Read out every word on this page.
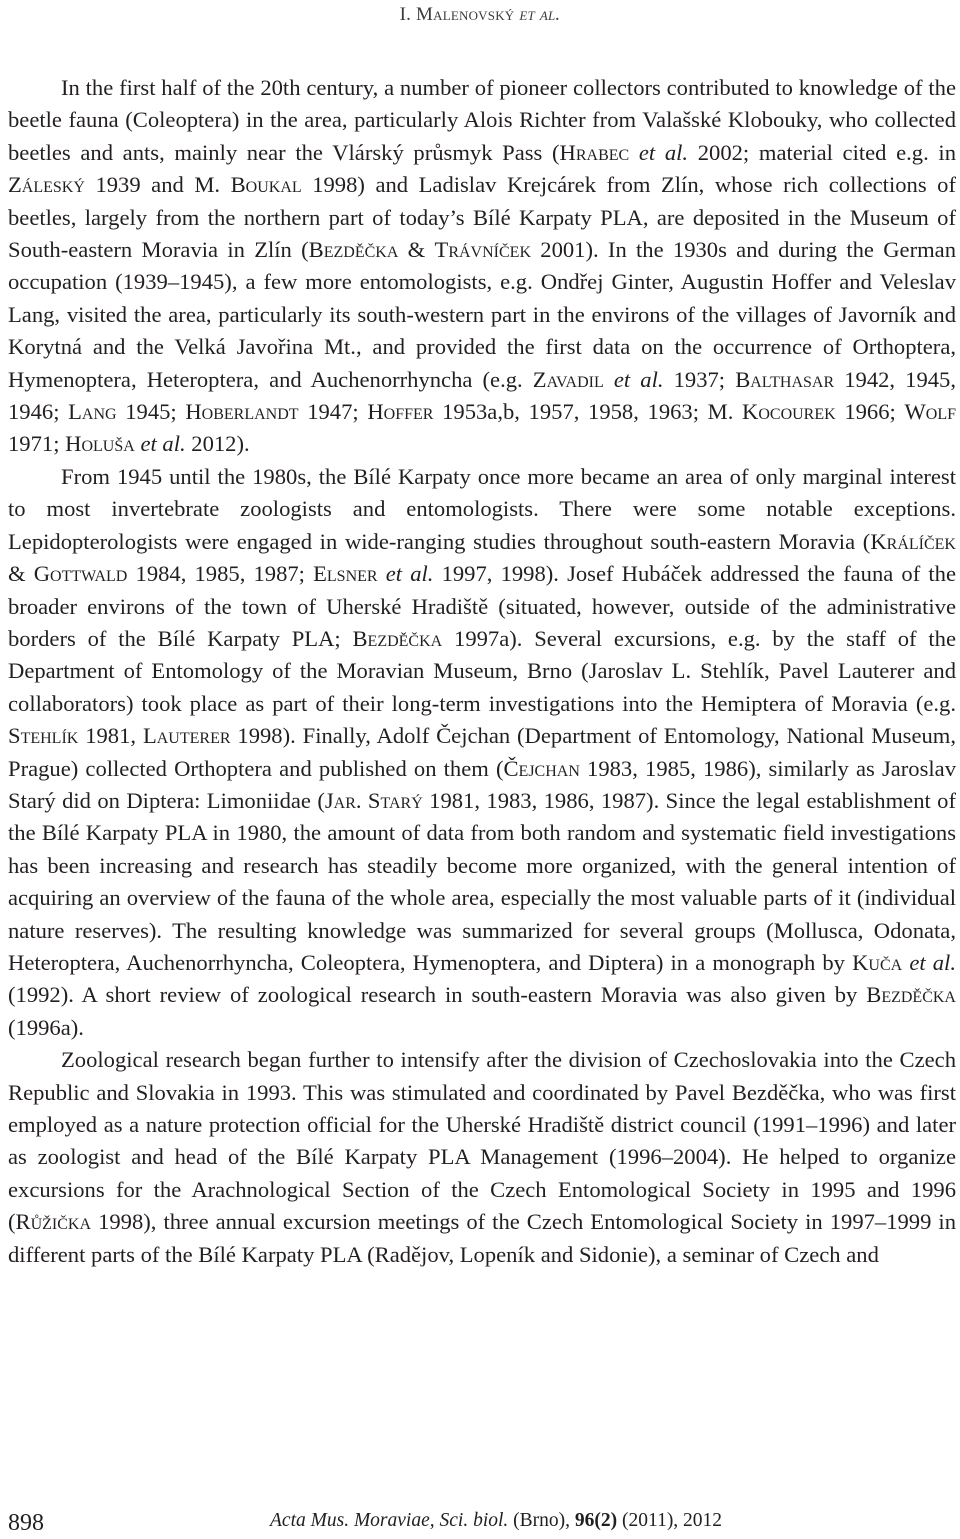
I. Malenovský et al.

In the first half of the 20th century, a number of pioneer collectors contributed to knowledge of the beetle fauna (Coleoptera) in the area, particularly Alois Richter from Valašské Klobouky, who collected beetles and ants, mainly near the Vlárský průsmyk Pass (Hrabec et al. 2002; material cited e.g. in Záleský 1939 and M. Boukal 1998) and Ladislav Krejcárek from Zlín, whose rich collections of beetles, largely from the northern part of today’s Bílé Karpaty PLA, are deposited in the Museum of South-eastern Moravia in Zlín (Bezděčka & Trávníček 2001). In the 1930s and during the German occupation (1939–1945), a few more entomologists, e.g. Ondřej Ginter, Augustin Hoffer and Veleslav Lang, visited the area, particularly its south-western part in the environs of the villages of Javorník and Korytná and the Velká Javořina Mt., and provided the first data on the occurrence of Orthoptera, Hymenoptera, Heteroptera, and Auchenorrhyncha (e.g. Zavadil et al. 1937; Balthasar 1942, 1945, 1946; Lang 1945; Hoberlandt 1947; Hoffer 1953a,b, 1957, 1958, 1963; M. Kocourek 1966; Wolf 1971; Holuša et al. 2012).

From 1945 until the 1980s, the Bílé Karpaty once more became an area of only marginal interest to most invertebrate zoologists and entomologists. There were some notable exceptions. Lepidopterologists were engaged in wide-ranging studies throughout south-eastern Moravia (Králíček & Gottwald 1984, 1985, 1987; Elsner et al. 1997, 1998). Josef Hubáček addressed the fauna of the broader environs of the town of Uherské Hradiště (situated, however, outside of the administrative borders of the Bílé Karpaty PLA; Bezděčka 1997a). Several excursions, e.g. by the staff of the Department of Entomology of the Moravian Museum, Brno (Jaroslav L. Stehlík, Pavel Lauterer and collaborators) took place as part of their long-term investigations into the Hemiptera of Moravia (e.g. Stehlík 1981, Lauterer 1998). Finally, Adolf Čejchan (Department of Entomology, National Museum, Prague) collected Orthoptera and published on them (Čejchan 1983, 1985, 1986), similarly as Jaroslav Starý did on Diptera: Limoniidae (Jar. Starý 1981, 1983, 1986, 1987). Since the legal establishment of the Bílé Karpaty PLA in 1980, the amount of data from both random and systematic field investigations has been increasing and research has steadily become more organized, with the general intention of acquiring an overview of the fauna of the whole area, especially the most valuable parts of it (individual nature reserves). The resulting knowledge was summarized for several groups (Mollusca, Odonata, Heteroptera, Auchenorrhyncha, Coleoptera, Hymenoptera, and Diptera) in a monograph by Kuča et al. (1992). A short review of zoological research in south-eastern Moravia was also given by Bezděčka (1996a).

Zoological research began further to intensify after the division of Czechoslovakia into the Czech Republic and Slovakia in 1993. This was stimulated and coordinated by Pavel Bezděčka, who was first employed as a nature protection official for the Uherské Hradiště district council (1991–1996) and later as zoologist and head of the Bílé Karpaty PLA Management (1996–2004). He helped to organize excursions for the Arachnological Section of the Czech Entomological Society in 1995 and 1996 (Růžička 1998), three annual excursion meetings of the Czech Entomological Society in 1997–1999 in different parts of the Bílé Karpaty PLA (Radějov, Lopeník and Sidonie), a seminar of Czech and

898	Acta Mus. Moraviae, Sci. biol. (Brno), 96(2) (2011), 2012
